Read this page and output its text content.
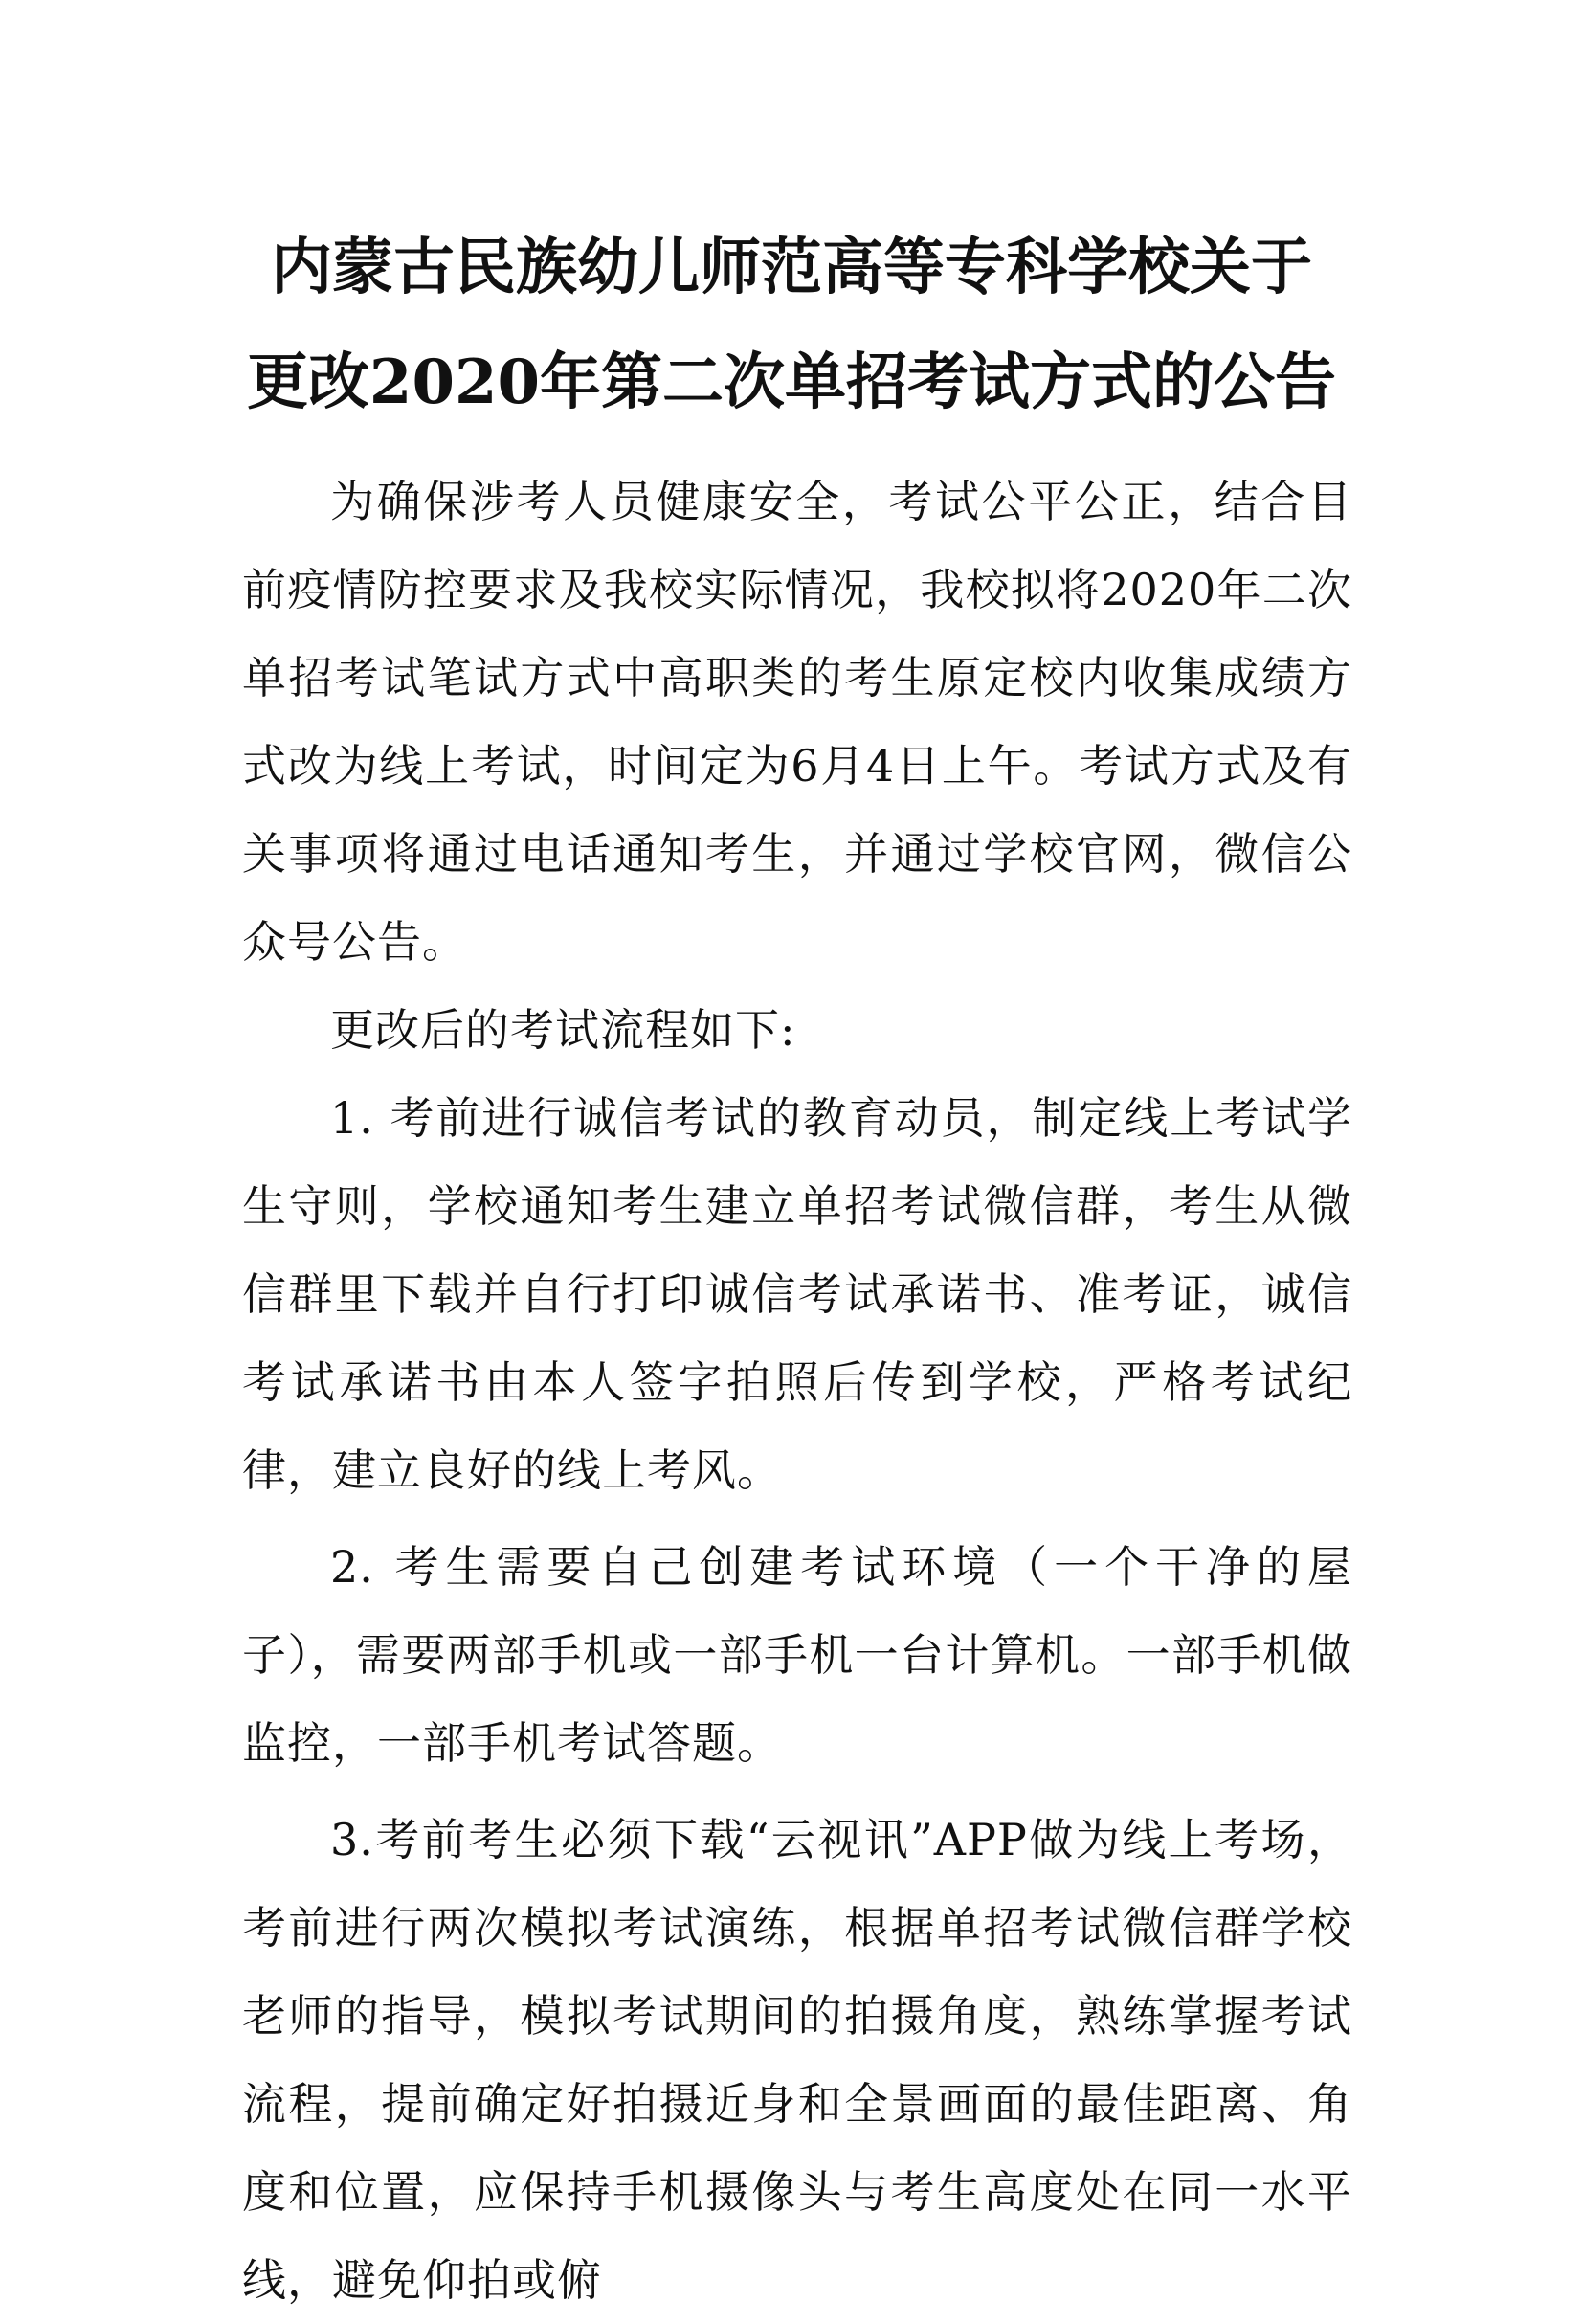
内蒙古民族幼儿师范高等专科学校关于
更改2020年第二次单招考试方式的公告

为确保涉考人员健康安全，考试公平公正，结合目前疫情防控要求及我校实际情况，我校拟将2020年二次单招考试笔试方式中高职类的考生原定校内收集成绩方式改为线上考试，时间定为6月4日上午。考试方式及有关事项将通过电话通知考生，并通过学校官网，微信公众号公告。

更改后的考试流程如下:

1. 考前进行诚信考试的教育动员，制定线上考试学生守则，学校通知考生建立单招考试微信群，考生从微信群里下载并自行打印诚信考试承诺书、准考证，诚信考试承诺书由本人签字拍照后传到学校，严格考试纪律，建立良好的线上考风。

2. 考生需要自己创建考试环境（一个干净的屋子），需要两部手机或一部手机一台计算机。一部手机做监控，一部手机考试答题。

3.考前考生必须下载“云视讯”APP做为线上考场，考前进行两次模拟考试演练，根据单招考试微信群学校老师的指导，模拟考试期间的拍摄角度，熟练掌握考试流程，提前确定好拍摄近身和全景画面的最佳距离、角度和位置，应保持手机摄像头与考生高度处在同一水平线，避免仰拍或俯
